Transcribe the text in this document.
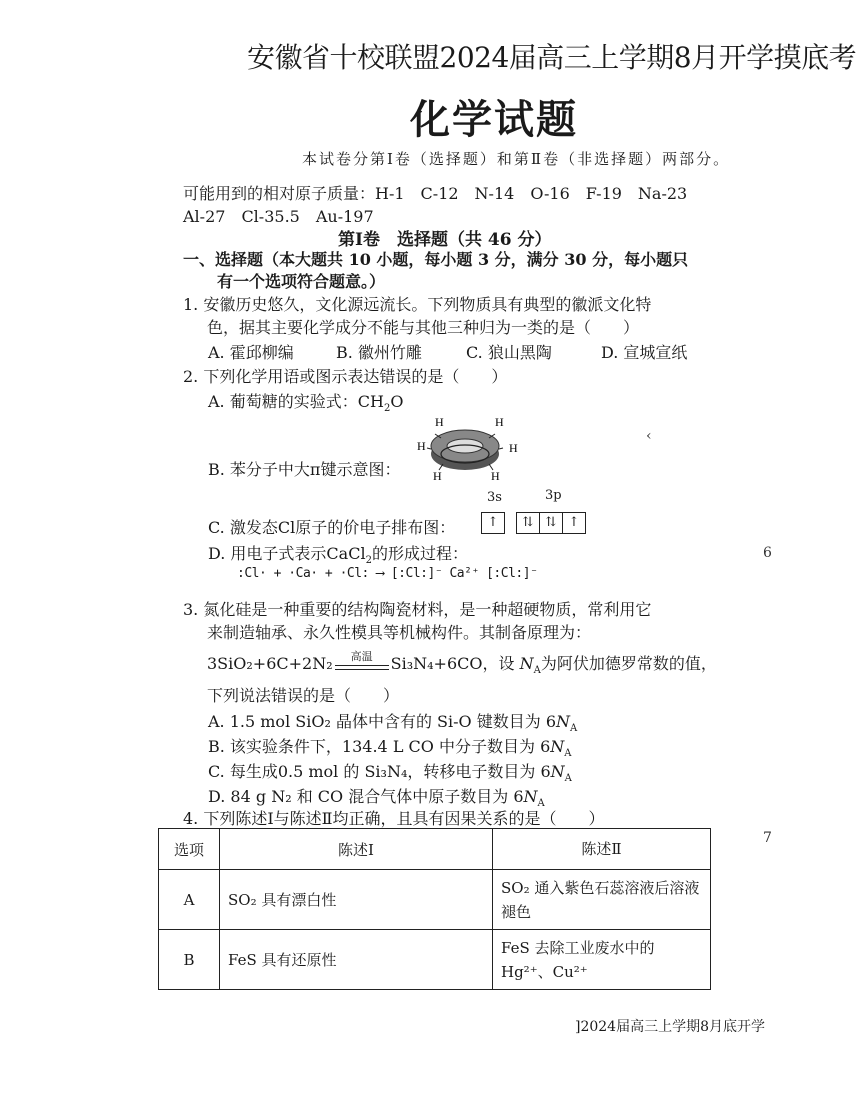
安徽省十校联盟2024届高三上学期8月开学摸底考
化学试题
本试卷分第Ⅰ卷（选择题）和第Ⅱ卷（非选择题）两部分。
可能用到的相对原子质量：H-1　C-12　N-14　O-16　F-19　Na-23
Al-27　Cl-35.5　Au-197
第Ⅰ卷　选择题（共 46 分）
一、选择题（本大题共 10 小题，每小题 3 分，满分 30 分，每小题只
有一个选项符合题意。）
1. 安徽历史悠久，文化源远流长。下列物质具有典型的徽派文化特
色，据其主要化学成分不能与其他三种归为一类的是（　　）
A. 霍邱柳编	B. 徽州竹雕	C. 狼山黑陶	D. 宣城宣纸
2. 下列化学用语或图示表达错误的是（　　）
A. 葡萄糖的实验式：$CH_2O$
B. 苯分子中大π键示意图：
H	H
H	H
H	H
3s	3p
C. 激发态Cl原子的价电子排布图：	↑	⇅ ⇅ ↑
D. 用电子式表示CaCl$_2$的形成过程：
:Cl· + ·Ca· + ·Cl: ⟶ [:Cl:]⁻ Ca²⁺ [:Cl:]⁻
3. 氮化硅是一种重要的结构陶瓷材料，是一种超硬物质，常利用它
来制造轴承、永久性模具等机械构件。其制备原理为：
3SiO₂+6C+2N₂	高温	Si₃N₄+6CO，设 $N_A$为阿伏加德罗常数的值，
下列说法错误的是（　　）
A. 1.5 mol SiO₂ 晶体中含有的 Si-O 键数目为 $6N_A$
B. 该实验条件下，134.4 L CO 中分子数目为 $6N_A$
C. 每生成0.5 mol 的 Si₃N₄，转移电子数目为 $6N_A$
D. 84 g N₂ 和 CO 混合气体中原子数目为 $6N_A$
4. 下列陈述Ⅰ与陈述Ⅱ均正确，且具有因果关系的是（　　）
选项	陈述Ⅰ	陈述Ⅱ
A	SO₂ 具有漂白性	SO₂ 通入紫色石蕊溶液后溶液褪色
B	FeS 具有还原性	FeS 去除工业废水中的 Hg²⁺、Cu²⁺
‹
6
7
]2024届高三上学期8月底开学
